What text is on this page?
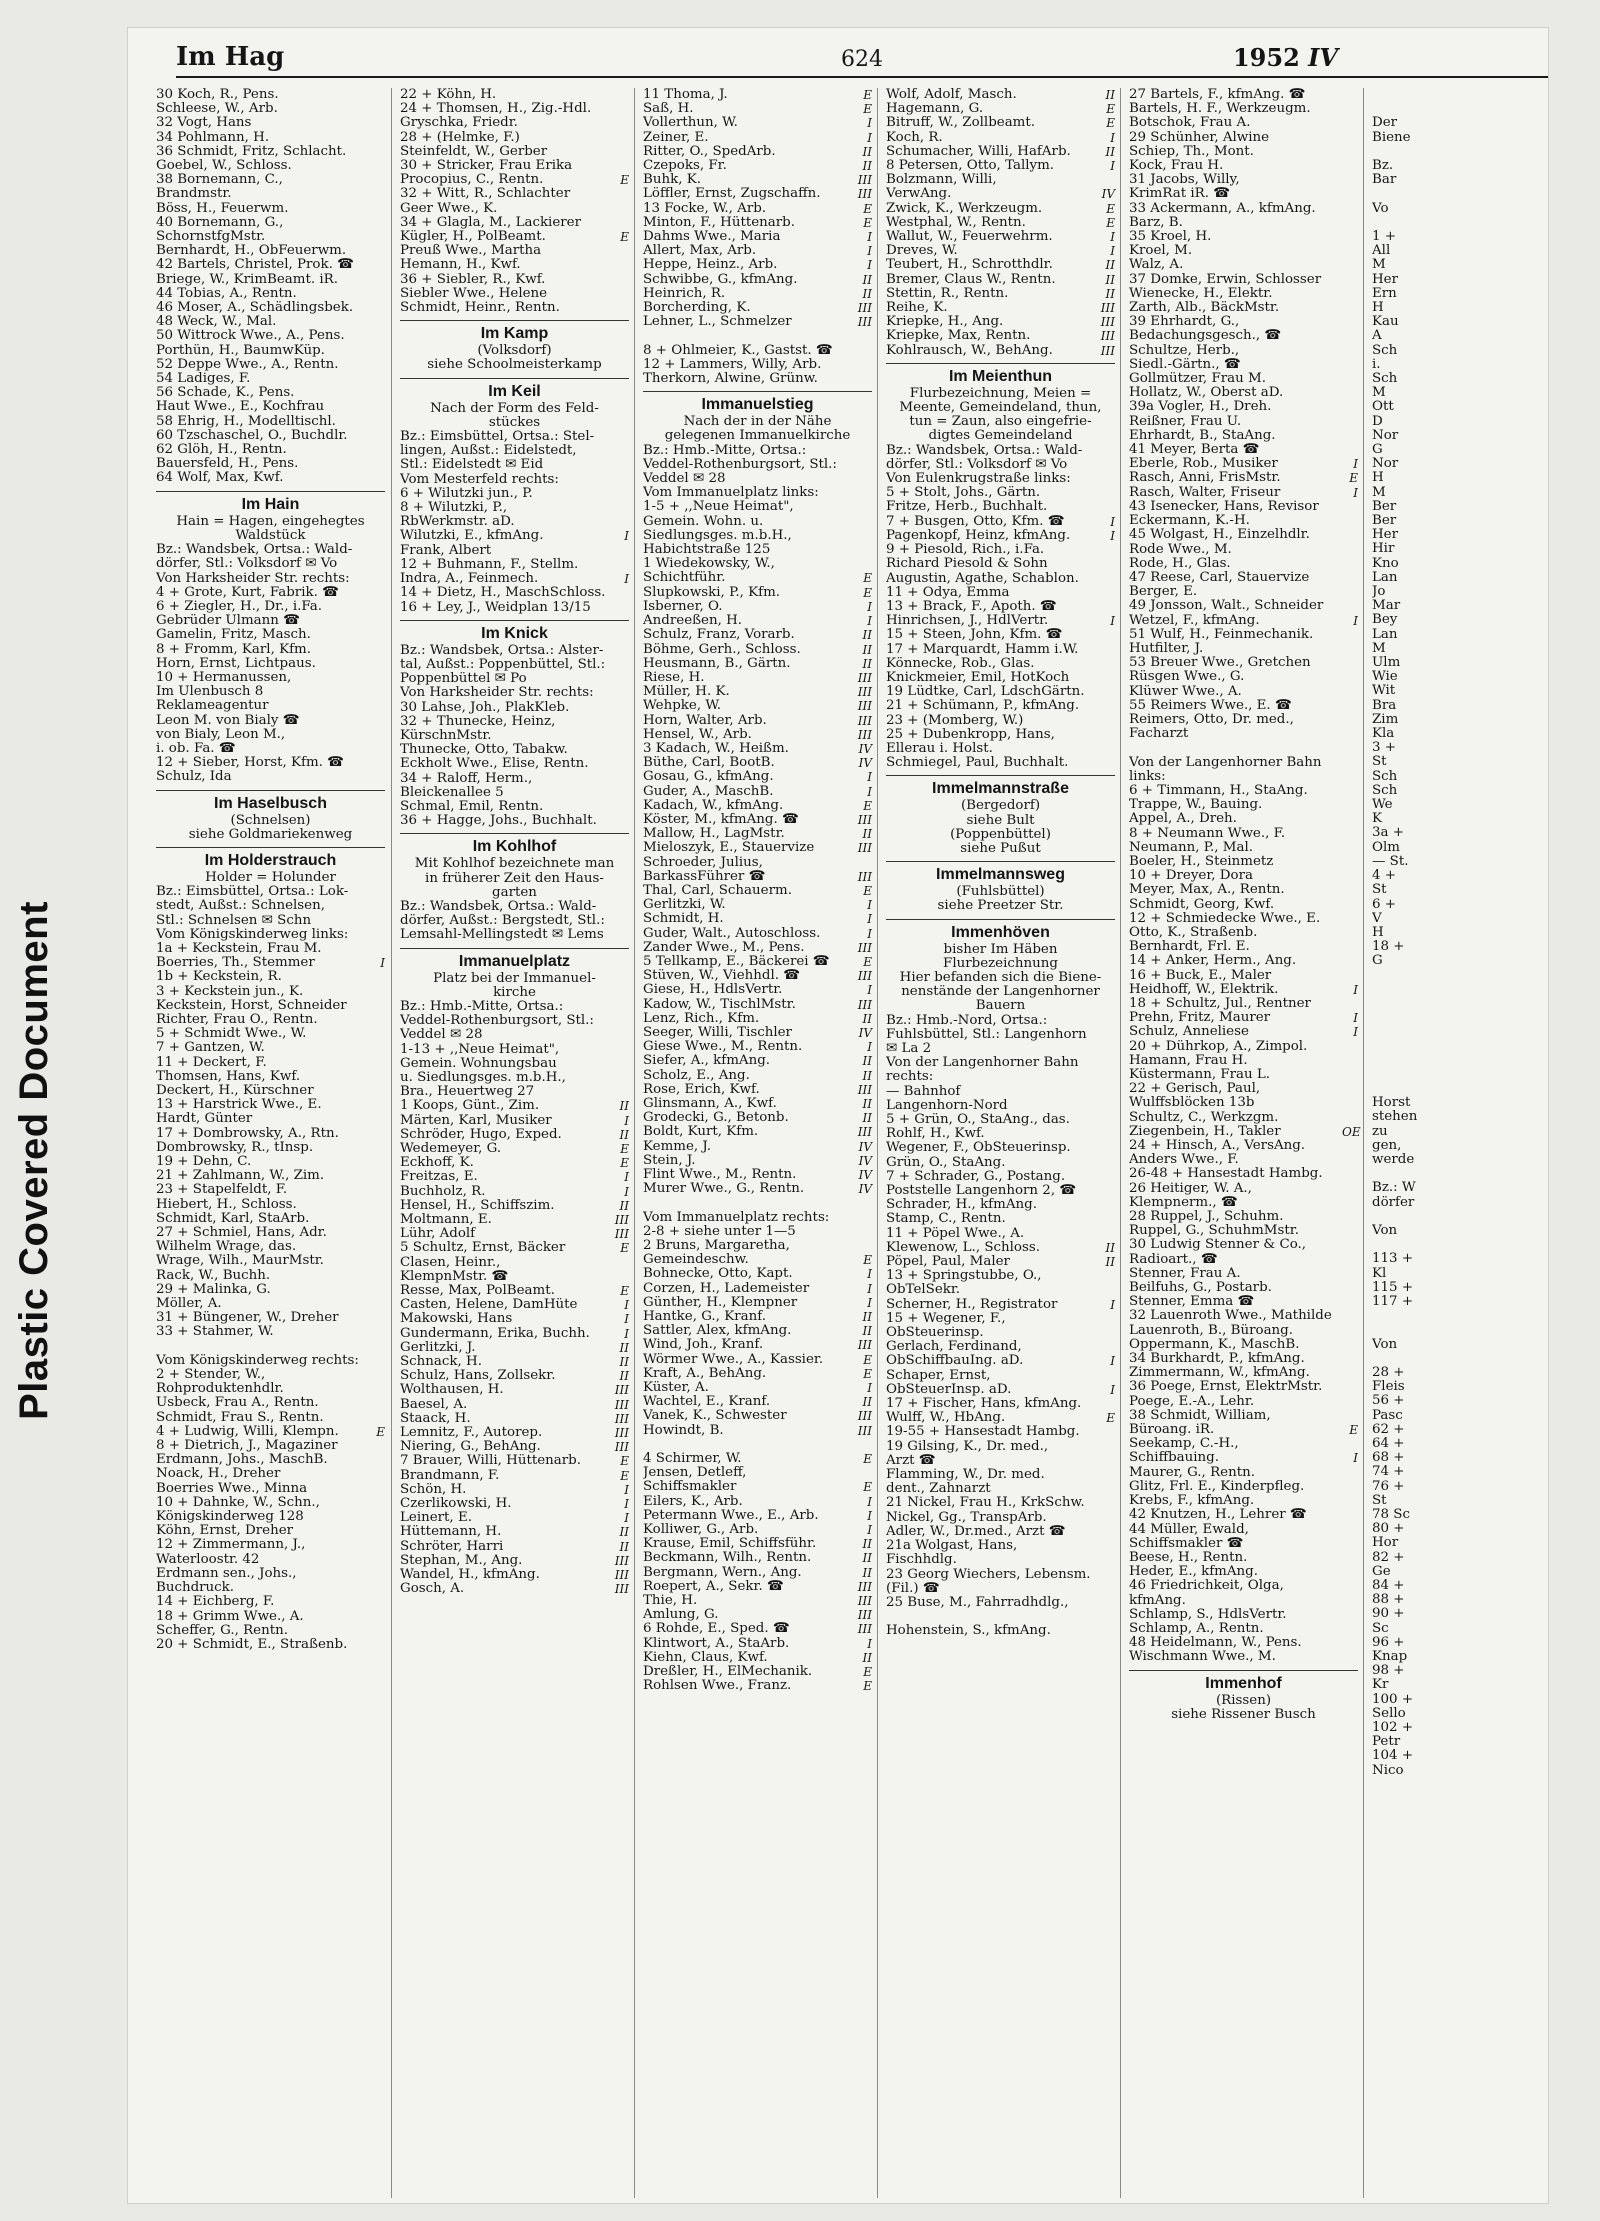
Plastic Covered Document
Im Hag	624	1952 IV
30 Koch, R., Pens.
Schleese, W., Arb.
32 Vogt, Hans
34 Pohlmann, H.
36 Schmidt, Fritz, Schlacht.
Goebel, W., Schloss.
38 Bornemann, C.,
Brandmstr.
Böss, H., Feuerwm.
40 Bornemann, G.,
SchornstfgMstr.
Bernhardt, H., ObFeuerwm.
42 Bartels, Christel, Prok. ☎
Briege, W., KrimBeamt. iR.
44 Tobias, A., Rentn.
46 Moser, A., Schädlingsbek.
48 Weck, W., Mal.
50 Wittrock Wwe., A., Pens.
Porthün, H., BaumwKüp.
52 Deppe Wwe., A., Rentn.
54 Ladiges, F.
56 Schade, K., Pens.
Haut Wwe., E., Kochfrau
58 Ehrig, H., Modelltischl.
60 Tzschaschel, O., Buchdlr.
62 Glöh, H., Rentn.
Bauersfeld, H., Pens.
64 Wolf, Max, Kwf.
Im Hain
Hain = Hagen, eingehegtes Waldstück
Bz.: Wandsbek, Ortsa.: Wald-
dörfer, Stl.: Volksdorf ✉ Vo
Von Harksheider Str. rechts:
4 + Grote, Kurt, Fabrik. ☎
6 + Ziegler, H., Dr., i.Fa.
Gebrüder Ulmann ☎
Gamelin, Fritz, Masch.
8 + Fromm, Karl, Kfm.
Horn, Ernst, Lichtpaus.
10 + Hermanussen,
Im Ulenbusch 8
Reklameagentur
Leon M. von Bialy ☎
von Bialy, Leon M.,
i. ob. Fa. ☎
12 + Sieber, Horst, Kfm. ☎
Schulz, Ida
Im Haselbusch
(Schnelsen)
siehe Goldmariekenweg
Im Holderstrauch
Holder = Holunder
Bz.: Eimsbüttel, Ortsa.: Lok-
stedt, Außst.: Schnelsen,
Stl.: Schnelsen ✉ Schn
Vom Königskinderweg links:
1a + Keckstein, Frau M.
Boerries, Th., Stemmer	I
1b + Keckstein, R.
3 + Keckstein jun., K.
Keckstein, Horst, Schneider
Richter, Frau O., Rentn.
5 + Schmidt Wwe., W.
7 + Gantzen, W.
11 + Deckert, F.
Thomsen, Hans, Kwf.
Deckert, H., Kürschner
13 + Harstrick Wwe., E.
Hardt, Günter
17 + Dombrowsky, A., Rtn.
Dombrowsky, R., tInsp.
19 + Dehn, C.
21 + Zahlmann, W., Zim.
23 + Stapelfeldt, F.
Hiebert, H., Schloss.
Schmidt, Karl, StaArb.
27 + Schmiel, Hans, Adr.
Wilhelm Wrage, das.
Wrage, Wilh., MaurMstr.
Rack, W., Buchh.
29 + Malinka, G.
Möller, A.
31 + Büngener, W., Dreher
33 + Stahmer, W.
Vom Königskinderweg rechts:
2 + Stender, W.,
Rohproduktenhdlr.
Usbeck, Frau A., Rentn.
Schmidt, Frau S., Rentn.
4 + Ludwig, Willi, Klempn.	E
8 + Dietrich, J., Magaziner
Erdmann, Johs., MaschB.
Noack, H., Dreher
Boerries Wwe., Minna
10 + Dahnke, W., Schn.,
Königskinderweg 128
Köhn, Ernst, Dreher
12 + Zimmermann, J.,
Waterloostr. 42
Erdmann sen., Johs.,
Buchdruck.
14 + Eichberg, F.
18 + Grimm Wwe., A.
Scheffer, G., Rentn.
20 + Schmidt, E., Straßenb.
22 + Köhn, H.
24 + Thomsen, H., Zig.-Hdl.
Gryschka, Friedr.
28 + (Helmke, F.)
Steinfeldt, W., Gerber
30 + Stricker, Frau Erika
Procopius, C., Rentn.	E
32 + Witt, R., Schlachter
Geer Wwe., K.
34 + Glagla, M., Lackierer
Kügler, H., PolBeamt.	E
Preuß Wwe., Martha
Hemann, H., Kwf.
36 + Siebler, R., Kwf.
Siebler Wwe., Helene
Schmidt, Heinr., Rentn.
Im Kamp
(Volksdorf)
siehe Schoolmeisterkamp
Im Keil
Nach der Form des Feld-
stückes
Bz.: Eimsbüttel, Ortsa.: Stel-
lingen, Außst.: Eidelstedt,
Stl.: Eidelstedt ✉ Eid
Vom Mesterfeld rechts:
6 + Wilutzki jun., P.
8 + Wilutzki, P.,
RbWerkmstr. aD.
Wilutzki, E., kfmAng.	I
Frank, Albert
12 + Buhmann, F., Stellm.
Indra, A., Feinmech.	I
14 + Dietz, H., MaschSchloss.
16 + Ley, J., Weidplan 13/15
Im Knick
Bz.: Wandsbek, Ortsa.: Alster-
tal, Außst.: Poppenbüttel, Stl.:
Poppenbüttel ✉ Po
Von Harksheider Str. rechts:
30 Lahse, Joh., PlakKleb.
32 + Thunecke, Heinz,
KürschnMstr.
Thunecke, Otto, Tabakw.
Eckholt Wwe., Elise, Rentn.
34 + Raloff, Herm.,
Bleickenallee 5
Schmal, Emil, Rentn.
36 + Hagge, Johs., Buchhalt.
Im Kohlhof
Mit Kohlhof bezeichnete man
in früherer Zeit den Haus-
garten
Bz.: Wandsbek, Ortsa.: Wald-
dörfer, Außst.: Bergstedt, Stl.:
Lemsahl-Mellingstedt ✉ Lems
Immanuelplatz
Platz bei der Immanuel-
kirche
Bz.: Hmb.-Mitte, Ortsa.:
Veddel-Rothenburgsort, Stl.:
Veddel ✉ 28
1-13 + ,,Neue Heimat",
Gemein. Wohnungsbau
u. Siedlungsges. m.b.H.,
Bra., Heuertweg 27
1 Koops, Günt., Zim.	II
Märten, Karl, Musiker	I
Schröder, Hugo, Exped.	II
Wedemeyer, G.	E
Eckhoff, K.	E
Freitzas, E.	I
Buchholz, R.	I
Hensel, H., Schiffszim.	II
Moltmann, E.	III
Lühr, Adolf	III
5 Schultz, Ernst, Bäcker	E
Clasen, Heinr.,
KlempnMstr. ☎
Resse, Max, PolBeamt.	E
Casten, Helene, DamHüte	I
Makowski, Hans	I
Gundermann, Erika, Buchh.	I
Gerlitzki, J.	II
Schnack, H.	II
Schulz, Hans, Zollsekr.	II
Wolthausen, H.	III
Baesel, A.	III
Staack, H.	III
Lemnitz, F., Autorep.	III
Niering, G., BehAng.	III
7 Brauer, Willi, Hüttenarb.	E
Brandmann, F.	E
Schön, H.	I
Czerlikowski, H.	I
Leinert, E.	I
Hüttemann, H.	II
Schröter, Harri	II
Stephan, M., Ang.	III
Wandel, H., kfmAng.	III
Gosch, A.	III
11 Thoma, J.	E
Saß, H.	E
Vollerthun, W.	I
Zeiner, E.	I
Ritter, O., SpedArb.	II
Czepoks, Fr.	II
Buhk, K.	III
Löffler, Ernst, Zugschaffn.	III
13 Focke, W., Arb.	E
Minton, F., Hüttenarb.	E
Dahms Wwe., Maria	I
Allert, Max, Arb.	I
Heppe, Heinz., Arb.	I
Schwibbe, G., kfmAng.	II
Heinrich, R.	II
Borcherding, K.	III
Lehner, L., Schmelzer	III
8 + Ohlmeier, K., Gastst. ☎
12 + Lammers, Willy, Arb.
Therkorn, Alwine, Grünw.
Immanuelstieg
Nach der in der Nähe
gelegenen Immanuelkirche
Bz.: Hmb.-Mitte, Ortsa.:
Veddel-Rothenburgsort, Stl.:
Veddel ✉ 28
Vom Immanuelplatz links:
1-5 + ,,Neue Heimat",
Gemein. Wohn. u.
Siedlungsges. m.b.H.,
Habichtstraße 125
1 Wiedekowsky, W.,
Schichtführ.	E
Slupkowski, P., Kfm.	E
Isberner, O.	I
Andreeßen, H.	I
Schulz, Franz, Vorarb.	II
Böhme, Gerh., Schloss.	II
Heusmann, B., Gärtn.	II
Riese, H.	III
Müller, H. K.	III
Wehpke, W.	III
Horn, Walter, Arb.	III
Hensel, W., Arb.	III
3 Kadach, W., Heißm.	IV
Büthe, Carl, BootB.	IV
Gosau, G., kfmAng.	I
Guder, A., MaschB.	I
Kadach, W., kfmAng.	E
Köster, M., kfmAng. ☎	III
Mallow, H., LagMstr.	II
Mieloszyk, E., Stauervize	III
Schroeder, Julius,
BarkassFührer ☎	III
Thal, Carl, Schauerm.	E
Gerlitzki, W.	I
Schmidt, H.	I
Guder, Walt., Autoschloss.	I
Zander Wwe., M., Pens.	III
5 Tellkamp, E., Bäckerei ☎	E
Stüven, W., Viehhdl. ☎	III
Giese, H., HdlsVertr.	I
Kadow, W., TischlMstr.	III
Lenz, Rich., Kfm.	II
Seeger, Willi, Tischler	IV
Giese Wwe., M., Rentn.	I
Siefer, A., kfmAng.	II
Scholz, E., Ang.	II
Rose, Erich, Kwf.	III
Glinsmann, A., Kwf.	II
Grodecki, G., Betonb.	II
Boldt, Kurt, Kfm.	III
Kemme, J.	IV
Stein, J.	IV
Flint Wwe., M., Rentn.	IV
Murer Wwe., G., Rentn.	IV
Vom Immanuelplatz rechts:
2-8 + siehe unter 1—5
2 Bruns, Margaretha,
Gemeindeschw.	E
Bohnecke, Otto, Kapt.	I
Corzen, H., Lademeister	I
Günther, H., Klempner	I
Hantke, G., Kranf.	II
Sattler, Alex, kfmAng.	II
Wind, Joh., Kranf.	III
Wörmer Wwe., A., Kassier.	E
Kraft, A., BehAng.	E
Küster, A.	I
Wachtel, E., Kranf.	II
Vanek, K., Schwester	III
Howindt, B.	III
4 Schirmer, W.	E
Jensen, Detleff,
Schiffsmakler	E
Eilers, K., Arb.	I
Petermann Wwe., E., Arb.	I
Kolliwer, G., Arb.	I
Krause, Emil, Schiffsführ.	II
Beckmann, Wilh., Rentn.	II
Bergmann, Wern., Ang.	II
Roepert, A., Sekr. ☎	III
Thie, H.	III
Amlung, G.	III
6 Rohde, E., Sped. ☎	III
Klintwort, A., StaArb.	I
Kiehn, Claus, Kwf.	II
Dreßler, H., ElMechanik.	E
Rohlsen Wwe., Franz.	E
Wolf, Adolf, Masch.	II
Hagemann, G.	E
Bitruff, W., Zollbeamt.	E
Koch, R.	I
Schumacher, Willi, HafArb.	II
8 Petersen, Otto, Tallym.	I
Bolzmann, Willi,
VerwAng.	IV
Zwick, K., Werkzeugm.	E
Westphal, W., Rentn.	E
Wallut, W., Feuerwehrm.	I
Dreves, W.	I
Teubert, H., Schrotthdlr.	II
Bremer, Claus W., Rentn.	II
Stettin, R., Rentn.	II
Reihe, K.	III
Kriepke, H., Ang.	III
Kriepke, Max, Rentn.	III
Kohlrausch, W., BehAng.	III
Im Meienthun
Flurbezeichnung, Meien =
Meente, Gemeindeland, thun,
tun = Zaun, also eingefrie-
digtes Gemeindeland
Bz.: Wandsbek, Ortsa.: Wald-
dörfer, Stl.: Volksdorf ✉ Vo
Von Eulenkrugstraße links:
5 + Stolt, Johs., Gärtn.
Fritze, Herb., Buchhalt.
7 + Busgen, Otto, Kfm. ☎	I
Pagenkopf, Heinz, kfmAng.	I
9 + Piesold, Rich., i.Fa.
Richard Piesold & Sohn
Augustin, Agathe, Schablon.
11 + Odya, Emma
13 + Brack, F., Apoth. ☎
Hinrichsen, J., HdlVertr.	I
15 + Steen, John, Kfm. ☎
17 + Marquardt, Hamm i.W.
Könnecke, Rob., Glas.
Knickmeier, Emil, HotKoch
19 Lüdtke, Carl, LdschGärtn.
21 + Schümann, P., kfmAng.
23 + (Momberg, W.)
25 + Dubenkropp, Hans,
Ellerau i. Holst.
Schmiegel, Paul, Buchhalt.
Immelmannstraße
(Bergedorf)
siehe Bult
(Poppenbüttel)
siehe Pußut
Immelmannsweg
(Fuhlsbüttel)
siehe Preetzer Str.
Immenhöven
bisher Im Häben
Flurbezeichnung
Hier befanden sich die Biene-
nenstände der Langenhorner
Bauern
Bz.: Hmb.-Nord, Ortsa.:
Fuhlsbüttel, Stl.: Langenhorn
✉ La 2
Von der Langenhorner Bahn
rechts:
— Bahnhof
Langenhorn-Nord
5 + Grün, O., StaAng., das.
Rohlf, H., Kwf.
Wegener, F., ObSteuerinsp.
Grün, O., StaAng.
7 + Schrader, G., Postang.
Poststelle Langenhorn 2, ☎
Schrader, H., kfmAng.
Stamp, C., Rentn.
11 + Pöpel Wwe., A.
Klewenow, L., Schloss.	II
Pöpel, Paul, Maler	II
13 + Springstubbe, O.,
ObTelSekr.
Scherner, H., Registrator	I
15 + Wegener, F.,
ObSteuerinsp.
Gerlach, Ferdinand,
ObSchiffbauIng. aD.	I
Schaper, Ernst,
ObSteuerInsp. aD.	I
17 + Fischer, Hans, kfmAng.
Wulff, W., HbAng.	E
19-55 + Hansestadt Hambg.
19 Gilsing, K., Dr. med.,
Arzt ☎
Flamming, W., Dr. med.
dent., Zahnarzt
21 Nickel, Frau H., KrkSchw.
Nickel, Gg., TranspArb.
Adler, W., Dr.med., Arzt ☎
21a Wolgast, Hans,
Fischhdlg.
23 Georg Wiechers, Lebensm.
(Fil.) ☎
25 Buse, M., Fahrradhdlg.,
Hohenstein, S., kfmAng.
27 Bartels, F., kfmAng. ☎
Bartels, H. F., Werkzeugm.
Botschok, Frau A.
29 Schünher, Alwine
Schiep, Th., Mont.
Kock, Frau H.
31 Jacobs, Willy,
KrimRat iR. ☎
33 Ackermann, A., kfmAng.
Barz, B.
35 Kroel, H.
Kroel, M.
Walz, A.
37 Domke, Erwin, Schlosser
Wienecke, H., Elektr.
Zarth, Alb., BäckMstr.
39 Ehrhardt, G.,
Bedachungsgesch., ☎
Schultze, Herb.,
Siedl.-Gärtn., ☎
Gollmützer, Frau M.
Hollatz, W., Oberst aD.
39a Vogler, H., Dreh.
Reißner, Frau U.
Ehrhardt, B., StaAng.
41 Meyer, Berta ☎
Eberle, Rob., Musiker	I
Rasch, Anni, FrisMstr.	E
Rasch, Walter, Friseur	I
43 Isenecker, Hans, Revisor
Eckermann, K.-H.
45 Wolgast, H., Einzelhdlr.
Rode Wwe., M.
Rode, H., Glas.
47 Reese, Carl, Stauervize
Berger, E.
49 Jonsson, Walt., Schneider
Wetzel, F., kfmAng.	I
51 Wulf, H., Feinmechanik.
Hutfilter, J.
53 Breuer Wwe., Gretchen
Rüsgen Wwe., G.
Klüwer Wwe., A.
55 Reimers Wwe., E. ☎
Reimers, Otto, Dr. med.,
Facharzt
Von der Langenhorner Bahn
links:
6 + Timmann, H., StaAng.
Trappe, W., Bauing.
Appel, A., Dreh.
8 + Neumann Wwe., F.
Neumann, P., Mal.
Boeler, H., Steinmetz
10 + Dreyer, Dora
Meyer, Max, A., Rentn.
Schmidt, Georg, Kwf.
12 + Schmiedecke Wwe., E.
Otto, K., Straßenb.
Bernhardt, Frl. E.
14 + Anker, Herm., Ang.
16 + Buck, E., Maler
Heidhoff, W., Elektrik.	I
18 + Schultz, Jul., Rentner
Prehn, Fritz, Maurer	I
Schulz, Anneliese	I
20 + Dührkop, A., Zimpol.
Hamann, Frau H.
Küstermann, Frau L.
22 + Gerisch, Paul,
Wulffsblöcken 13b
Schultz, C., Werkzgm.
Ziegenbein, H., Takler	OE
24 + Hinsch, A., VersAng.
Anders Wwe., F.
26-48 + Hansestadt Hambg.
26 Heitiger, W. A.,
Klempnerm., ☎
28 Ruppel, J., Schuhm.
Ruppel, G., SchuhmMstr.
30 Ludwig Stenner & Co.,
Radioart., ☎
Stenner, Frau A.
Beilfuhs, G., Postarb.
Stenner, Emma ☎
32 Lauenroth Wwe., Mathilde
Lauenroth, B., Büroang.
Oppermann, K., MaschB.
34 Burkhardt, P., kfmAng.
Zimmermann, W., kfmAng.
36 Poege, Ernst, ElektrMstr.
Poege, E.-A., Lehr.
38 Schmidt, William,
Büroang. iR.	E
Seekamp, C.-H.,
Schiffbauing.	I
Maurer, G., Rentn.
Glitz, Frl. E., Kinderpfleg.
Krebs, F., kfmAng.
42 Knutzen, H., Lehrer ☎
44 Müller, Ewald,
Schiffsmakler ☎
Beese, H., Rentn.
Heder, E., kfmAng.
46 Friedrichkeit, Olga,
kfmAng.
Schlamp, S., HdlsVertr.
Schlamp, A., Rentn.
48 Heidelmann, W., Pens.
Wischmann Wwe., M.
Immenhof
(Rissen)
siehe Rissener Busch
Der
Biene
Bz.
Bar
Vo
1 +
All
M
Her
Ern
H
Kau
A
Sch
i.
Sch
M
Ott
D
Nor
G
Nor
H
M
Ber
Ber
Her
Hir
Kno
Lan
Jo
Mar
Bey
Lan
M
Ulm
Wie
Wit
Bra
Zim
Kla
3 +
St
Sch
Sch
We
K
3a +
Olm
— St.
4 +
St
6 +
V
H
18 +
G
Horst
stehen
zu
gen,
werde
Bz.: W
dörfer
Von
113 +
Kl
115 +
117 +
Von
28 +
Fleis
56 +
Pasc
62 +
64 +
68 +
74 +
76 +
St
78 Sc
80 +
Hor
82 +
Ge
84 +
88 +
90 +
Sc
96 +
Knap
98 +
Kr
100 +
Sello
102 +
Petr
104 +
Nico
